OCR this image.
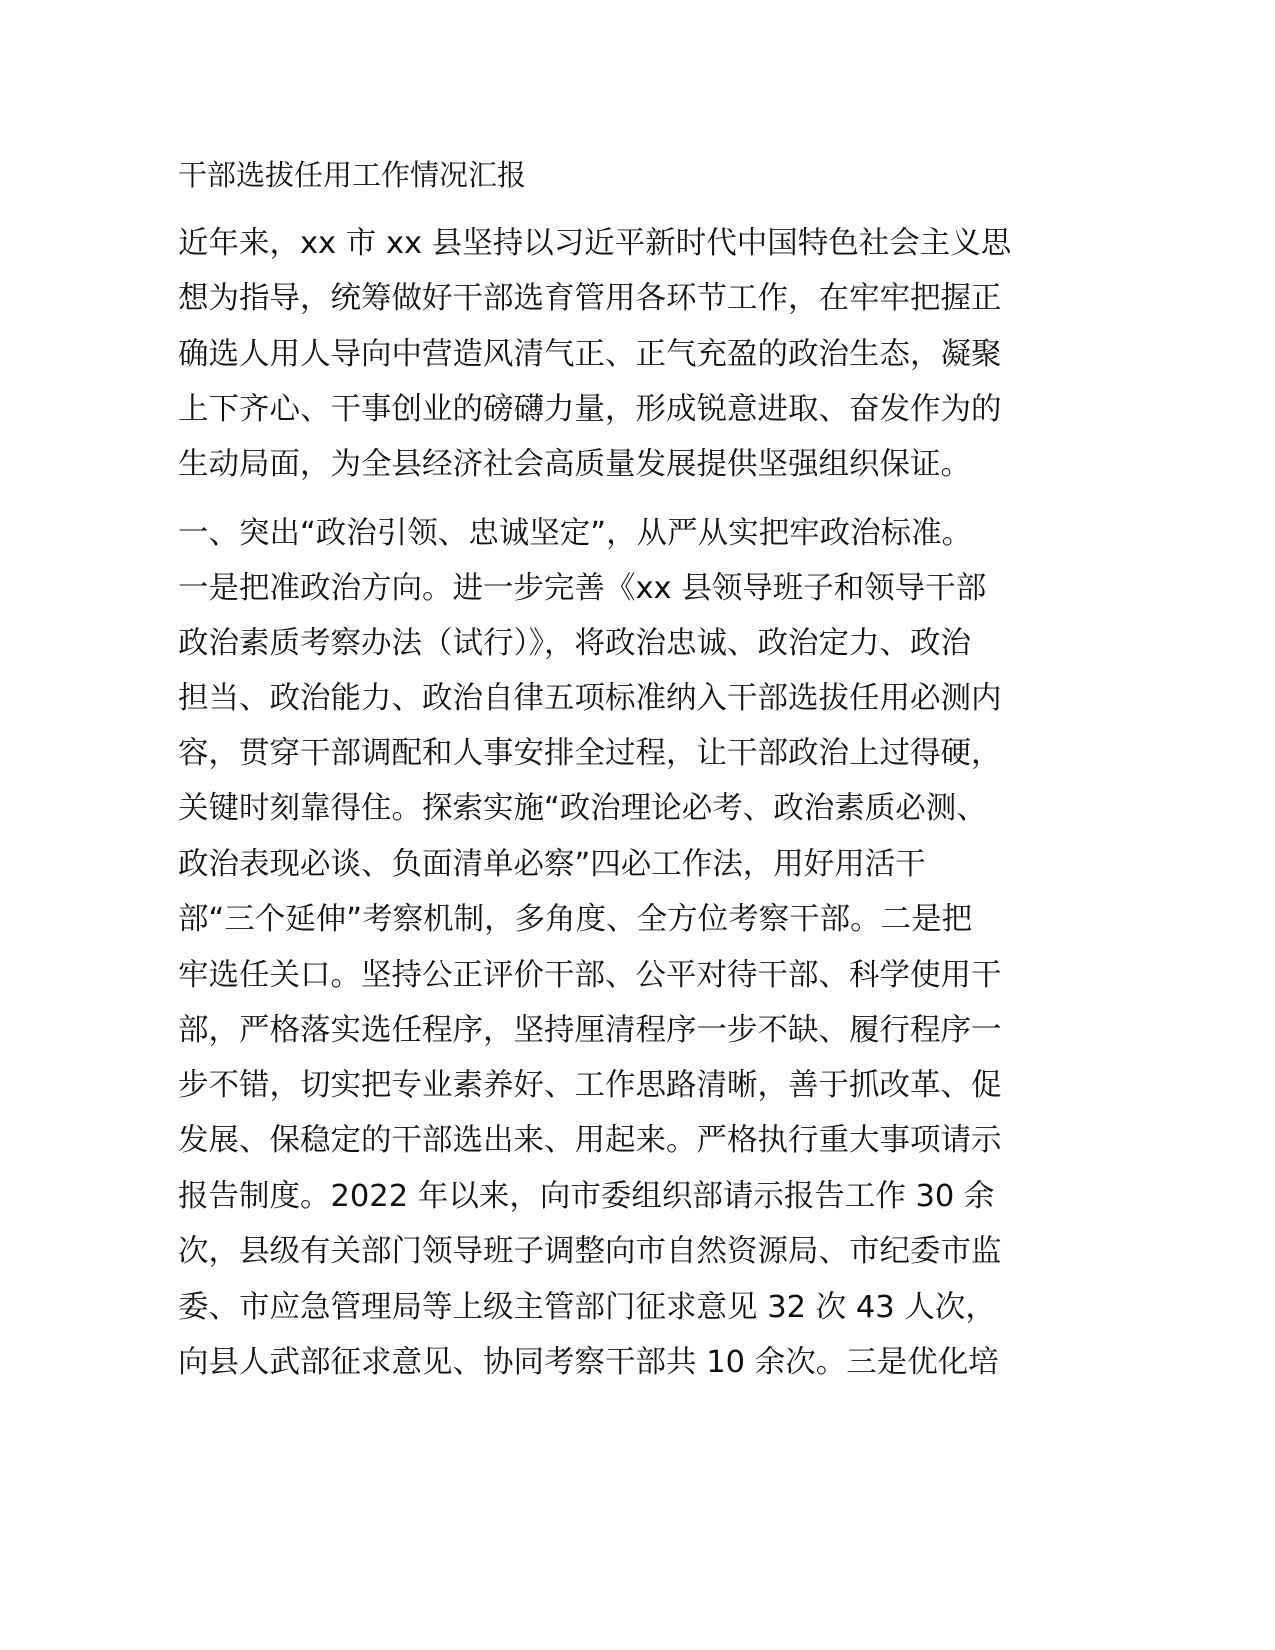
干部选拔任用工作情况汇报
近年来，xx 市 xx 县坚持以习近平新时代中国特色社会主义思
想为指导，统筹做好干部选育管用各环节工作，在牢牢把握正
确选人用人导向中营造风清气正、正气充盈的政治生态，凝聚
上下齐心、干事创业的磅礴力量，形成锐意进取、奋发作为的
生动局面，为全县经济社会高质量发展提供坚强组织保证。
一、突出“政治引领、忠诚坚定”，从严从实把牢政治标准。
一是把准政治方向。进一步完善《xx 县领导班子和领导干部
政治素质考察办法（试行）》，将政治忠诚、政治定力、政治
担当、政治能力、政治自律五项标准纳入干部选拔任用必测内
容，贯穿干部调配和人事安排全过程，让干部政治上过得硬，
关键时刻靠得住。探索实施“政治理论必考、政治素质必测、
政治表现必谈、负面清单必察”四必工作法，用好用活干
部“三个延伸”考察机制，多角度、全方位考察干部。二是把
牢选任关口。坚持公正评价干部、公平对待干部、科学使用干
部，严格落实选任程序，坚持厘清程序一步不缺、履行程序一
步不错，切实把专业素养好、工作思路清晰，善于抓改革、促
发展、保稳定的干部选出来、用起来。严格执行重大事项请示
报告制度。2022 年以来，向市委组织部请示报告工作 30 余
次，县级有关部门领导班子调整向市自然资源局、市纪委市监
委、市应急管理局等上级主管部门征求意见 32 次 43 人次，
向县人武部征求意见、协同考察干部共 10 余次。三是优化培
